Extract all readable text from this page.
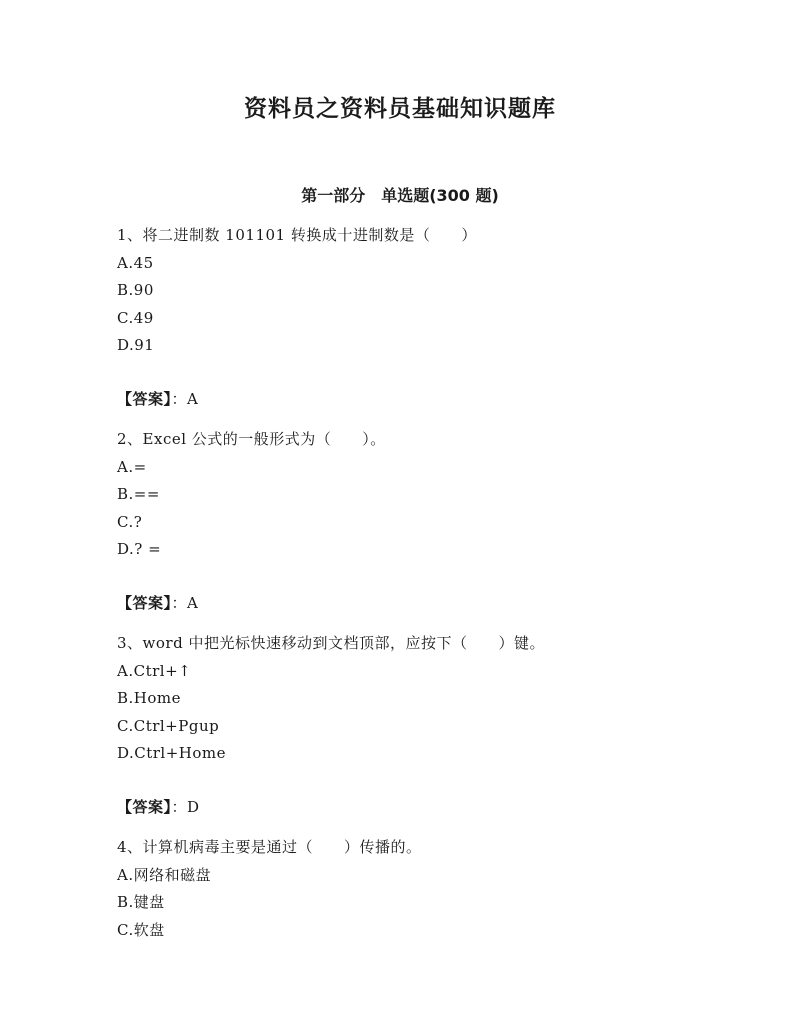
资料员之资料员基础知识题库
第一部分　单选题(300 题)
1、将二进制数 101101 转换成十进制数是（　　）
A.45
B.90
C.49
D.91
【答案】：A
2、Excel 公式的一般形式为（　　）。
A.=
B.==
C.?
D.? =
【答案】：A
3、word 中把光标快速移动到文档顶部，应按下（　　）键。
A.Ctrl+↑
B.Home
C.Ctrl+Pgup
D.Ctrl+Home
【答案】：D
4、计算机病毒主要是通过（　　）传播的。
A.网络和磁盘
B.键盘
C.软盘
